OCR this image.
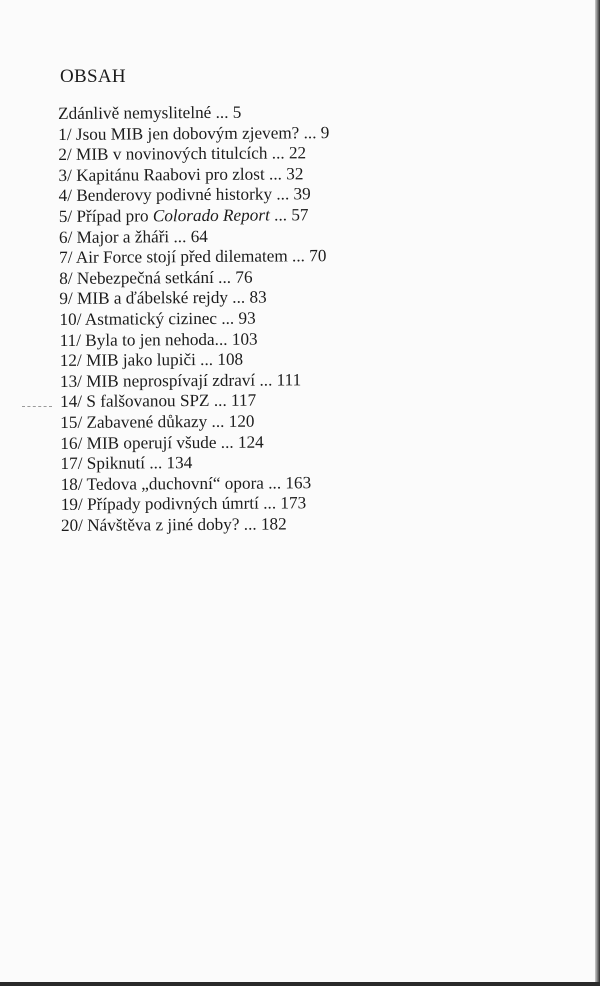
OBSAH
Zdánlivě nemyslitelné ... 5
1/ Jsou MIB jen dobovým zjevem? ... 9
2/ MIB v novinových titulcích ... 22
3/ Kapitánu Raabovi pro zlost ... 32
4/ Benderovy podivné historky ... 39
5/ Případ pro Colorado Report ... 57
6/ Major a žháři ... 64
7/ Air Force stojí před dilematem ... 70
8/ Nebezpečná setkání ... 76
9/ MIB a ďábelské rejdy ... 83
10/ Astmatický cizinec ... 93
11/ Byla to jen nehoda... 103
12/ MIB jako lupiči ... 108
13/ MIB neprospívají zdraví ... 111
14/ S falšovanou SPZ ... 117
15/ Zabavené důkazy ... 120
16/ MIB operují všude ... 124
17/ Spiknutí ... 134
18/ Tedova „duchovní“ opora ... 163
19/ Případy podivných úmrtí ... 173
20/ Návštěva z jiné doby? ... 182
